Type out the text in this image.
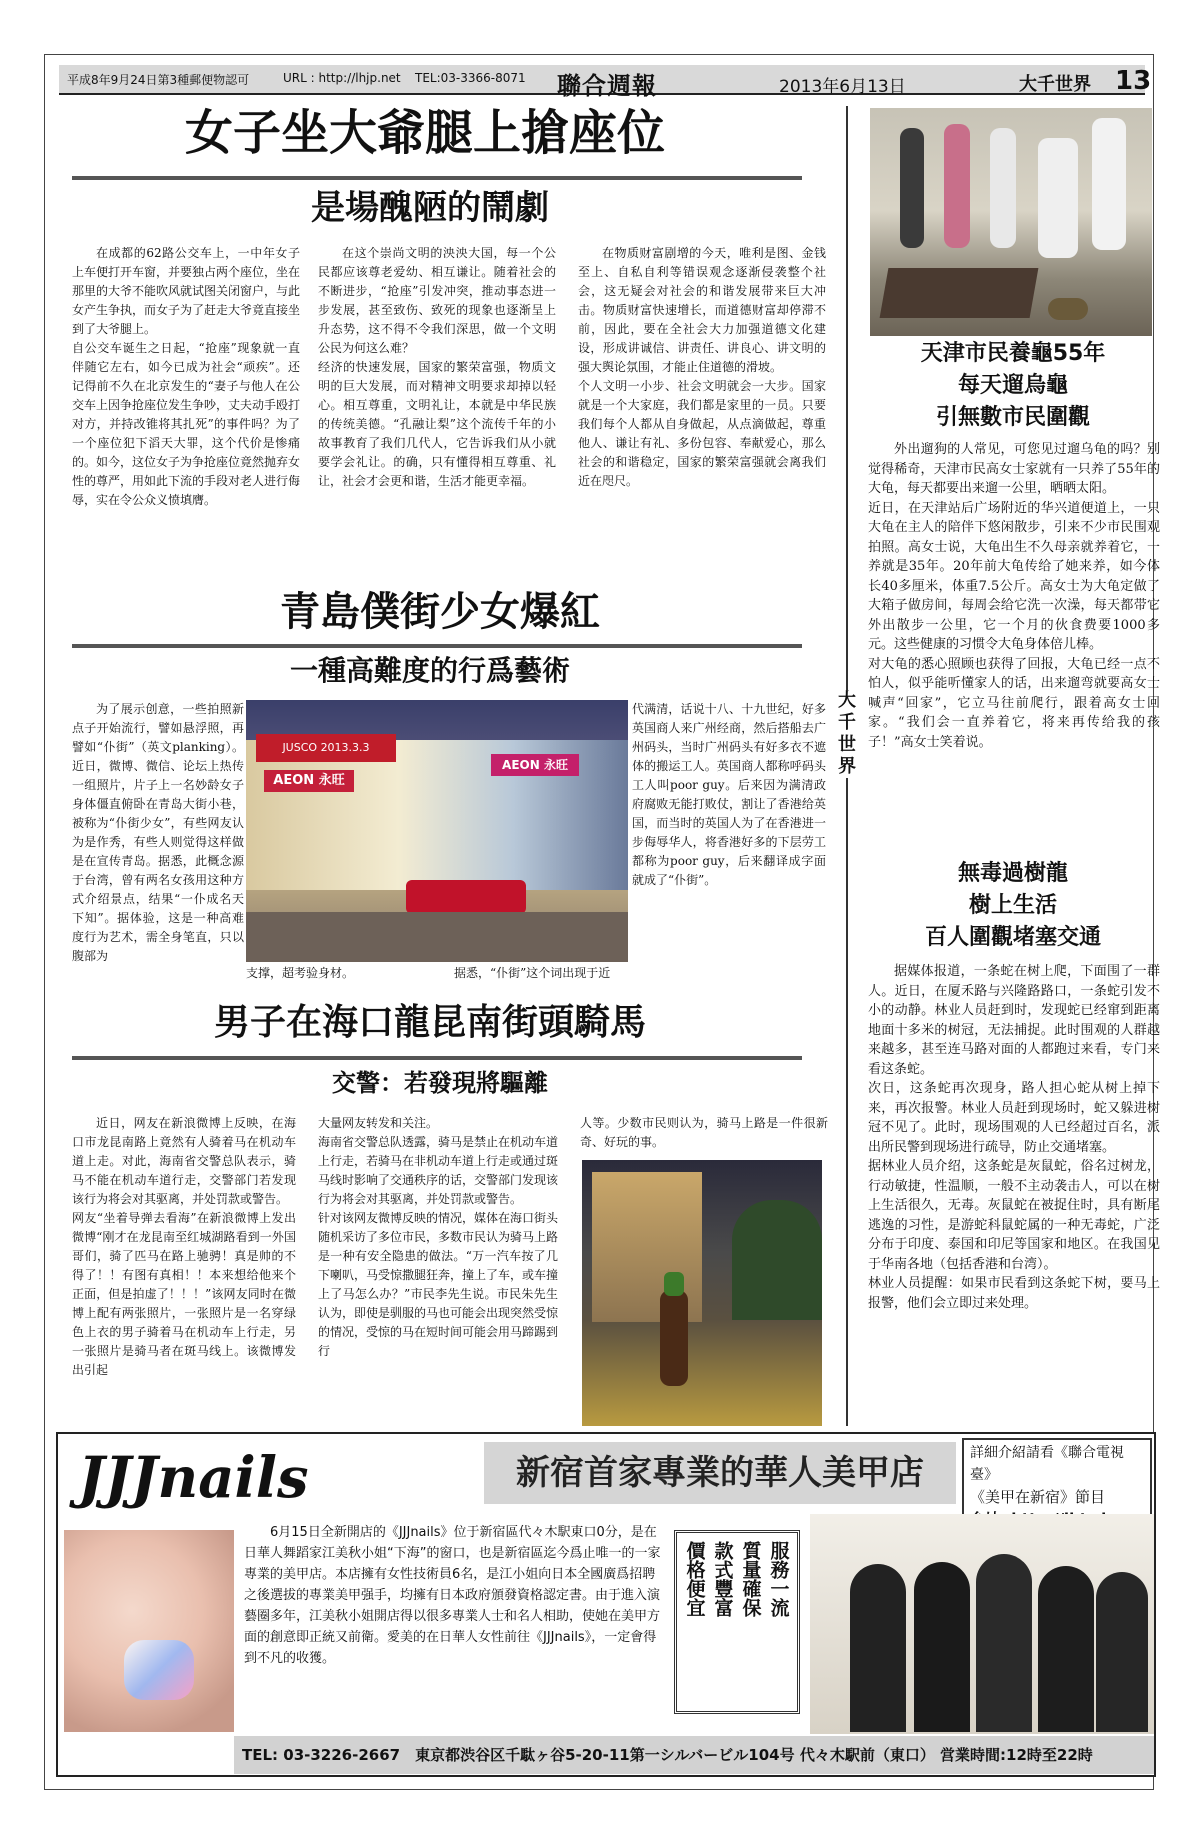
平成8年9月24日第3種郵便物認可	URL : http://lhjp.net TEL:03-3366-8071 聯合週報	2013年6月13日	大千世界 13
女子坐大爺腿上搶座位
是場醜陋的鬧劇
在成都的62路公交车上，一中年女子上车便打开车窗，并要独占两个座位，坐在那里的大爷不能吹风就试图关闭窗户，与此女产生争执，而女子为了赶走大爷竟直接坐到了大爷腿上。
自公交车诞生之日起，“抢座”现象就一直伴随它左右，如今已成为社会“顽疾”。还记得前不久在北京发生的“妻子与他人在公交车上因争抢座位发生争吵，丈夫动手殴打对方，并持改锥将其扎死”的事件吗？为了一个座位犯下滔天大罪，这个代价是惨痛的。如今，这位女子为争抢座位竟然抛弃女性的尊严，用如此下流的手段对老人进行侮辱，实在令公众义愤填膺。
在这个崇尚文明的泱泱大国，每一个公民都应该尊老爱幼、相互谦让。随着社会的不断进步，“抢座”引发冲突，推动事态进一步发展，甚至致伤、致死的现象也逐渐呈上升态势，这不得不令我们深思，做一个文明公民为何这么难？
经济的快速发展，国家的繁荣富强，物质文明的巨大发展，而对精神文明要求却掉以轻心。相互尊重，文明礼让，本就是中华民族的传统美德。“孔融让梨”这个流传千年的小故事教育了我们几代人，它告诉我们从小就要学会礼让。的确，只有懂得相互尊重、礼让，社会才会更和谐，生活才能更幸福。
在物质财富剧增的今天，唯利是图、金钱至上、自私自利等错误观念逐渐侵袭整个社会，这无疑会对社会的和谐发展带来巨大冲击。物质财富快速增长，而道德财富却停滞不前，因此，要在全社会大力加强道德文化建设，形成讲诚信、讲责任、讲良心、讲文明的强大舆论氛围，才能止住道德的滑坡。
个人文明一小步、社会文明就会一大步。国家就是一个大家庭，我们都是家里的一员。只要我们每个人都从自身做起，从点滴做起，尊重他人、谦让有礼、多份包容、奉献爱心，那么社会的和谐稳定，国家的繁荣富强就会离我们近在咫尺。
青島僕街少女爆紅
一種高難度的行爲藝術
为了展示创意，一些拍照新点子开始流行，譬如悬浮照，再譬如“仆街”（英文planking）。近日，微博、微信、论坛上热传一组照片，片子上一名妙龄女子身体僵直俯卧在青岛大街小巷，被称为“仆街少女”，有些网友认为是作秀，有些人则觉得这样做是在宣传青岛。据悉，此概念源于台湾，曾有两名女孩用这种方式介绍景点，结果“一仆成名天下知”。据体验，这是一种高难度行为艺术，需全身笔直，只以腹部为
JUSCO 2013.3.3
AEON 永旺
AEON 永旺
支撑，超考验身材。	据悉，“仆街”这个词出现于近
代满清，话说十八、十九世纪，好多英国商人来广州经商，然后搭船去广州码头，当时广州码头有好多衣不遮体的搬运工人。英国商人都称呼码头工人叫poor guy。后来因为满清政府腐败无能打败仗，割让了香港给英国，而当时的英国人为了在香港进一步侮辱华人，将香港好多的下层劳工都称为poor guy，后来翻译成字面就成了“仆街”。
男子在海口龍昆南街頭騎馬
交警：若發現將驅離
近日，网友在新浪微博上反映，在海口市龙昆南路上竟然有人骑着马在机动车道上走。对此，海南省交警总队表示，骑马不能在机动车道行走，交警部门若发现该行为将会对其驱离，并处罚款或警告。
网友“坐着导弹去看海”在新浪微博上发出微博“刚才在龙昆南至红城湖路看到一外国哥们，骑了匹马在路上驰骋！真是帅的不得了！！有图有真相！！本来想给他来个正面，但是拍虚了！！！”该网友同时在微博上配有两张照片，一张照片是一名穿绿色上衣的男子骑着马在机动车上行走，另一张照片是骑马者在斑马线上。该微博发出引起
大量网友转发和关注。
海南省交警总队透露，骑马是禁止在机动车道上行走，若骑马在非机动车道上行走或通过斑马线时影响了交通秩序的话，交警部门发现该行为将会对其驱离，并处罚款或警告。
针对该网友微博反映的情况，媒体在海口街头随机采访了多位市民，多数市民认为骑马上路是一种有安全隐患的做法。“万一汽车按了几下喇叭，马受惊撒腿狂奔，撞上了车，或车撞上了马怎么办？”市民李先生说。市民朱先生认为，即使是驯服的马也可能会出现突然受惊的情况，受惊的马在短时间可能会用马蹄踢到行
人等。少数市民则认为，骑马上路是一件很新奇、好玩的事。
大千世界
天津市民養龜55年
每天遛烏龜
引無數市民圍觀
外出遛狗的人常见，可您见过遛乌龟的吗？别觉得稀奇，天津市民高女士家就有一只养了55年的大龟，每天都要出来遛一公里，晒晒太阳。
近日，在天津站后广场附近的华兴道便道上，一只大龟在主人的陪伴下悠闲散步，引来不少市民围观拍照。高女士说，大龟出生不久母亲就养着它，一养就是35年。20年前大龟传给了她来养，如今体长40多厘米，体重7.5公斤。高女士为大龟定做了大箱子做房间，每周会给它洗一次澡，每天都带它外出散步一公里，它一个月的伙食费要1000多元。这些健康的习惯令大龟身体倍儿棒。
对大龟的悉心照顾也获得了回报，大龟已经一点不怕人，似乎能听懂家人的话，出来遛弯就要高女士喊声“回家”，它立马往前爬行，跟着高女士回家。“我们会一直养着它，将来再传给我的孩子！”高女士笑着说。
無毒過樹龍
樹上生活
百人圍觀堵塞交通
据媒体报道，一条蛇在树上爬，下面围了一群人。近日，在厦禾路与兴隆路路口，一条蛇引发不小的动静。林业人员赶到时，发现蛇已经窜到距离地面十多米的树冠，无法捕捉。此时围观的人群越来越多，甚至连马路对面的人都跑过来看，专门来看这条蛇。
次日，这条蛇再次现身，路人担心蛇从树上掉下来，再次报警。林业人员赶到现场时，蛇又躲进树冠不见了。此时，现场围观的人已经超过百名，派出所民警到现场进行疏导，防止交通堵塞。
据林业人员介绍，这条蛇是灰鼠蛇，俗名过树龙，行动敏捷，性温顺，一般不主动袭击人，可以在树上生活很久，无毒。灰鼠蛇在被捉住时，具有断尾逃逸的习性，是游蛇科鼠蛇属的一种无毒蛇，广泛分布于印度、泰国和印尼等国家和地区。在我国见于华南各地（包括香港和台湾）。
林业人员提醒：如果市民看到这条蛇下树，要马上报警，他们会立即过来处理。
JJJnails	新宿首家專業的華人美甲店	詳細介紹請看《聯合電視臺》
《美甲在新宿》節目
6月15日全新開店的《JJJnails》位于新宿區代々木駅東口0分，是在日華人舞蹈家江美秋小姐“下海”的窗口，也是新宿區迄今爲止唯一的一家專業的美甲店。本店擁有女性技術員6名，是江小姐向日本全國廣爲招聘之後選拔的專業美甲强手，均擁有日本政府頒發資格認定書。由于進入演藝圈多年，江美秋小姐開店得以很多專業人士和名人相助，使她在美甲方面的創意即正統又前衛。愛美的在日華人女性前往《JJJnails》，一定會得到不凡的收獲。
服務一流
質量確保
款式豐富
價格便宜
TEL: 03-3226-2667　東京都渋谷区千駄ヶ谷5-20-11第一シルバービル104号 代々木駅前（東口） 営業時間:12時至22時
